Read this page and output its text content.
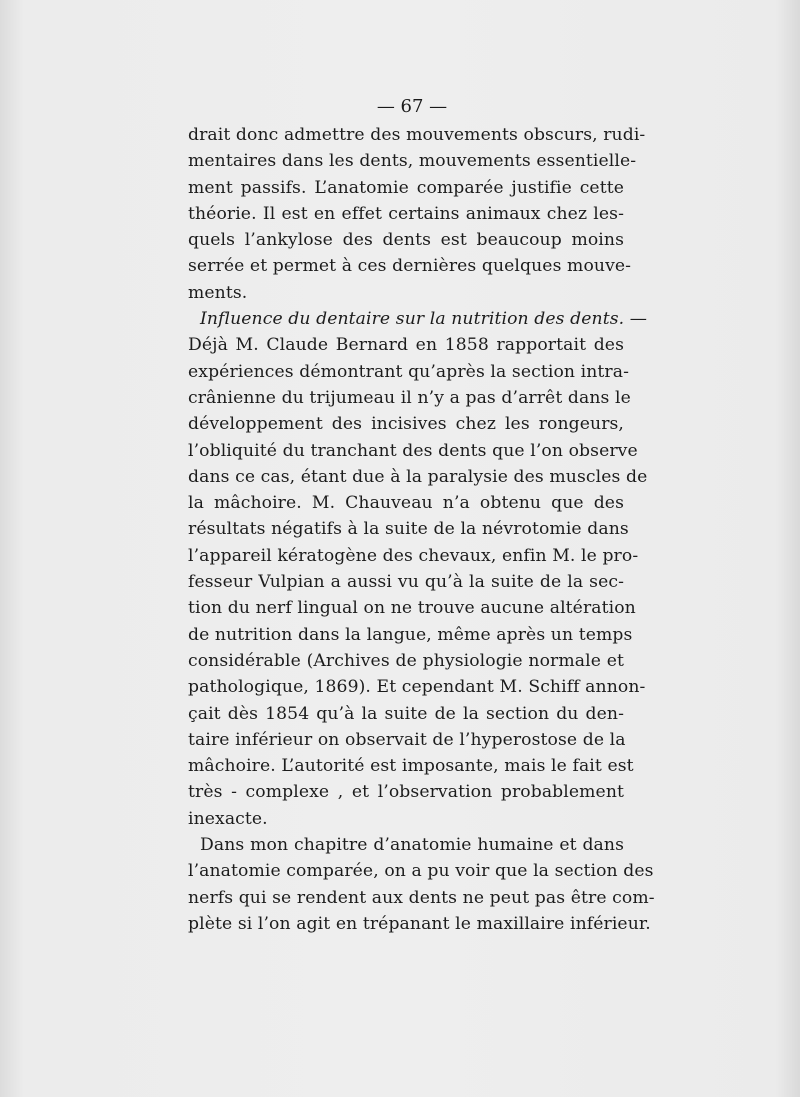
— 67 —
drait donc admettre des mouvements obscurs, rudi-
mentaires dans les dents, mouvements essentielle-
ment passifs. L’anatomie comparée justifie cette
théorie. Il est en effet certains animaux chez les-
quels l’ankylose des dents est beaucoup moins
serrée et permet à ces dernières quelques mouve-
ments.
Influence du dentaire sur la nutrition des dents. —
Déjà M. Claude Bernard en 1858 rapportait des
expériences démontrant qu’après la section intra-
crânienne du trijumeau il n’y a pas d’arrêt dans le
développement des incisives chez les rongeurs,
l’obliquité du tranchant des dents que l’on observe
dans ce cas, étant due à la paralysie des muscles de
la mâchoire. M. Chauveau n’a obtenu que des
résultats négatifs à la suite de la névrotomie dans
l’appareil kératogène des chevaux, enfin M. le pro-
fesseur Vulpian a aussi vu qu’à la suite de la sec-
tion du nerf lingual on ne trouve aucune altération
de nutrition dans la langue, même après un temps
considérable (Archives de physiologie normale et
pathologique, 1869). Et cependant M. Schiff annon-
çait dès 1854 qu’à la suite de la section du den-
taire inférieur on observait de l’hyperostose de la
mâchoire. L’autorité est imposante, mais le fait est
très - complexe , et l’observation probablement
inexacte.
Dans mon chapitre d’anatomie humaine et dans
l’anatomie comparée, on a pu voir que la section des
nerfs qui se rendent aux dents ne peut pas être com-
plète si l’on agit en trépanant le maxillaire inférieur.
